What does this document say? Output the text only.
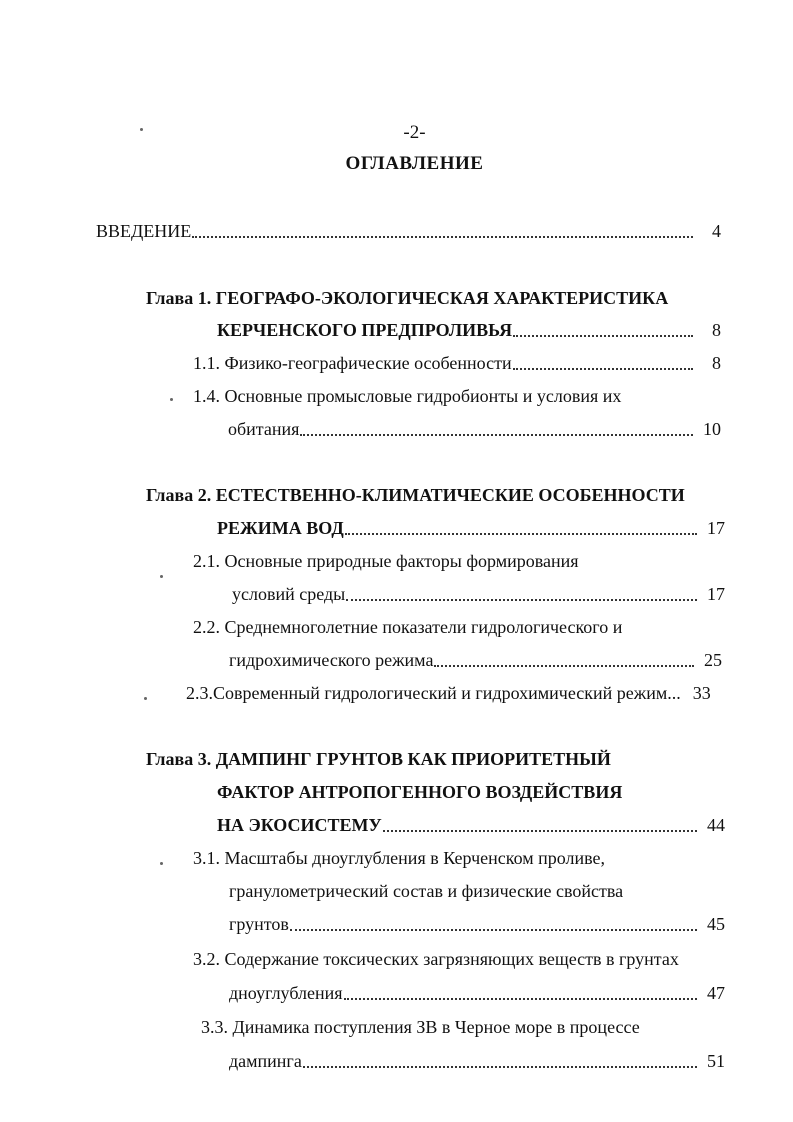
-2-
ОГЛАВЛЕНИЕ
ВВЕДЕНИЕ	4
Глава 1. ГЕОГРАФО-ЭКОЛОГИЧЕСКАЯ ХАРАКТЕРИСТИКА
КЕРЧЕНСКОГО ПРЕДПРОЛИВЬЯ	8
1.1. Физико-географические особенности	8
1.4. Основные промысловые гидробионты и условия их
обитания	10
Глава 2. ЕСТЕСТВЕННО-КЛИМАТИЧЕСКИЕ ОСОБЕННОСТИ
РЕЖИМА ВОД	17
2.1. Основные природные факторы формирования
условий среды	17
2.2. Среднемноголетние показатели гидрологического и
гидрохимического режима	25
2.3.Современный гидрологический и гидрохимический режим... 33
Глава 3. ДАМПИНГ ГРУНТОВ КАК ПРИОРИТЕТНЫЙ
ФАКТОР АНТРОПОГЕННОГО ВОЗДЕЙСТВИЯ
НА ЭКОСИСТЕМУ	44
3.1. Масштабы дноуглубления в Керченском проливе,
гранулометрический состав и физические свойства
грунтов	45
3.2. Содержание токсических загрязняющих веществ в грунтах
дноуглубления	47
3.3. Динамика поступления ЗВ в Черное море в процессе
дампинга	51
